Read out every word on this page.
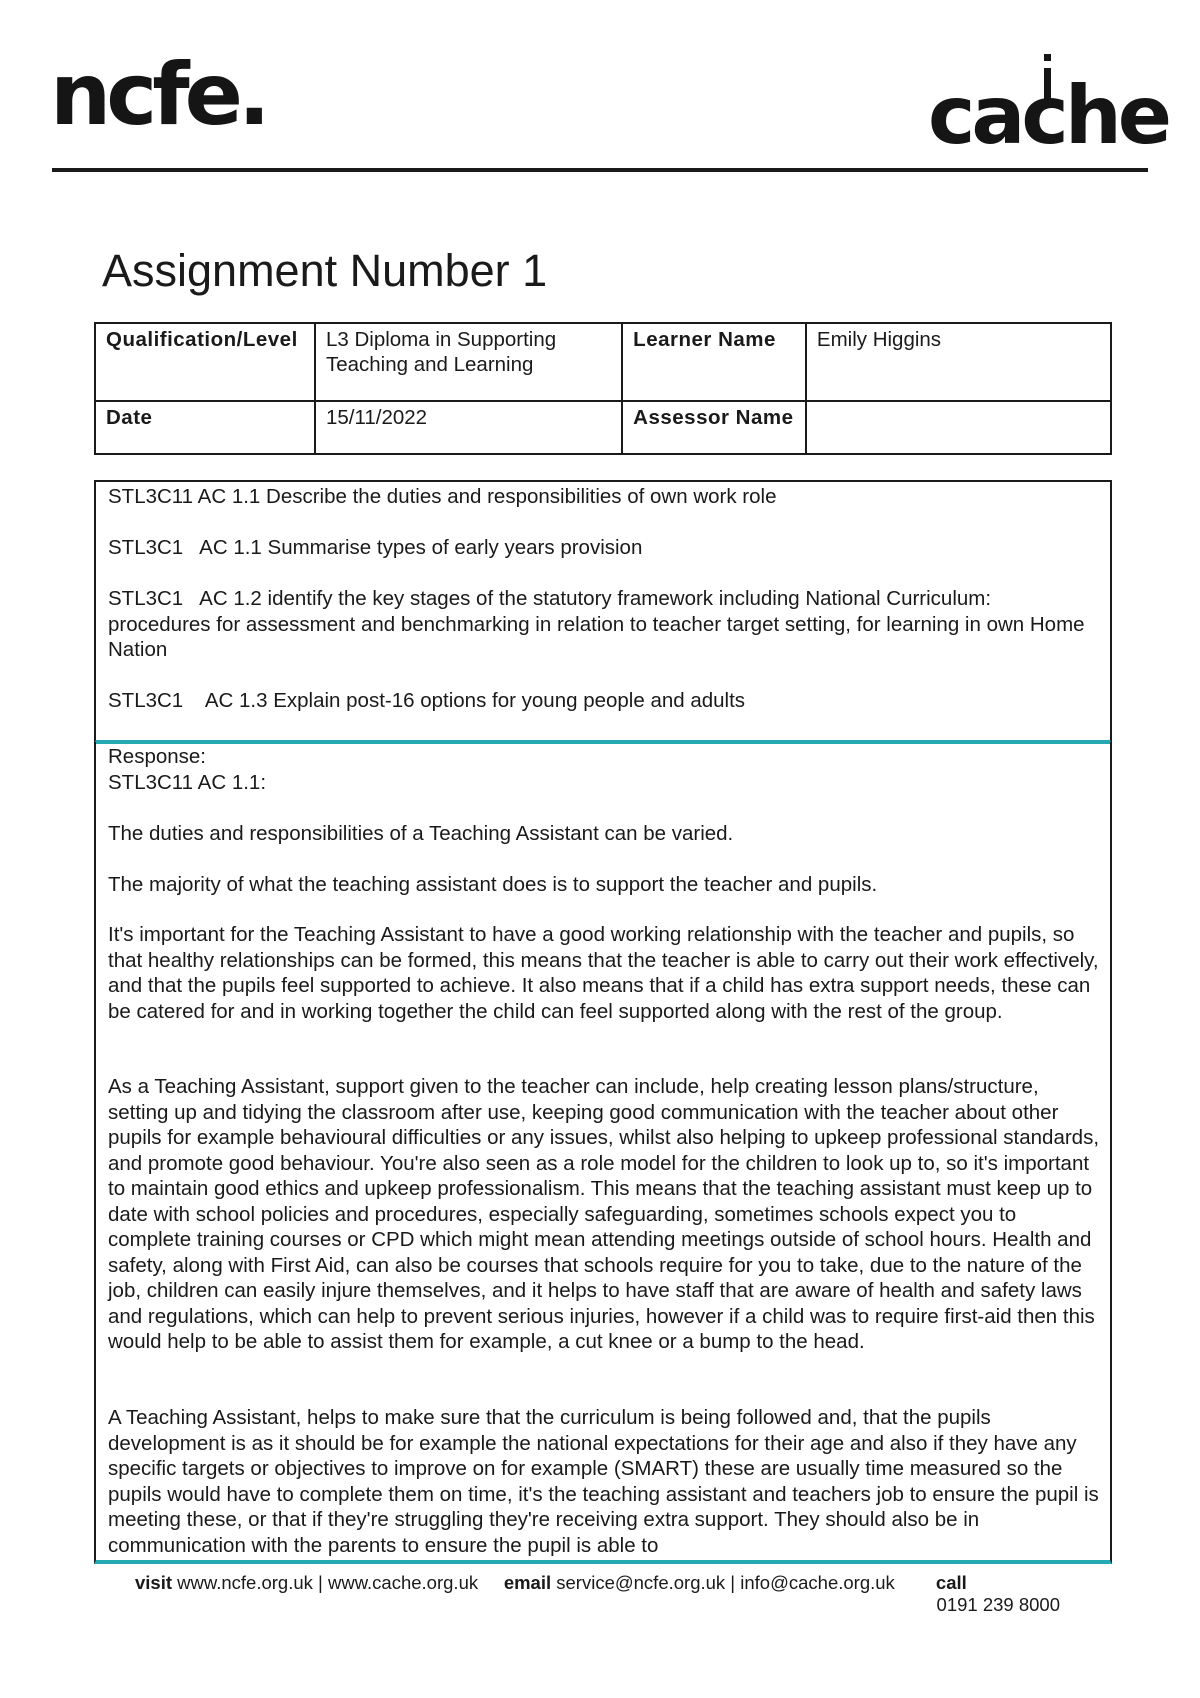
ncfe.	cache
Assignment Number 1
Qualification/Level	L3 Diploma in Supporting Teaching and Learning	Learner Name	Emily Higgins
Date	15/11/2022	Assessor Name	

STL3C11 AC 1.1 Describe the duties and responsibilities of own work role

STL3C1   AC 1.1 Summarise types of early years provision

STL3C1   AC 1.2 identify the key stages of the statutory framework including National Curriculum: procedures for assessment and benchmarking in relation to teacher target setting, for learning in own Home Nation

STL3C1    AC 1.3 Explain post-16 options for young people and adults

Response:

STL3C11 AC 1.1:

The duties and responsibilities of a Teaching Assistant can be varied.

The majority of what the teaching assistant does is to support the teacher and pupils.

It's important for the Teaching Assistant to have a good working relationship with the teacher and pupils, so that healthy relationships can be formed, this means that the teacher is able to carry out their work effectively, and that the pupils feel supported to achieve. It also means that if a child has extra support needs, these can be catered for and in working together the child can feel supported along with the rest of the group.

As a Teaching Assistant, support given to the teacher can include, help creating lesson plans/structure, setting up and tidying the classroom after use, keeping good communication with the teacher about other pupils for example behavioural difficulties or any issues, whilst also helping to upkeep professional standards, and promote good behaviour. You're also seen as a role model for the children to look up to, so it's important to maintain good ethics and upkeep professionalism. This means that the teaching assistant must keep up to date with school policies and procedures, especially safeguarding, sometimes schools expect you to complete training courses or CPD which might mean attending meetings outside of school hours. Health and safety, along with First Aid, can also be courses that schools require for you to take, due to the nature of the job, children can easily injure themselves, and it helps to have staff that are aware of health and safety laws and regulations, which can help to prevent serious injuries, however if a child was to require first-aid then this would help to be able to assist them for example, a cut knee or a bump to the head.

A Teaching Assistant, helps to make sure that the curriculum is being followed and, that the pupils development is as it should be for example the national expectations for their age and also if they have any specific targets or objectives to improve on for example (SMART) these are usually time measured so the pupils would have to complete them on time, it's the teaching assistant and teachers job to ensure the pupil is meeting these, or that if they're struggling they're receiving extra support. They should also be in communication with the parents to ensure the pupil is able to

visit www.ncfe.org.uk | www.cache.org.uk email service@ncfe.org.uk | info@cache.org.uk call
0191 239 8000
